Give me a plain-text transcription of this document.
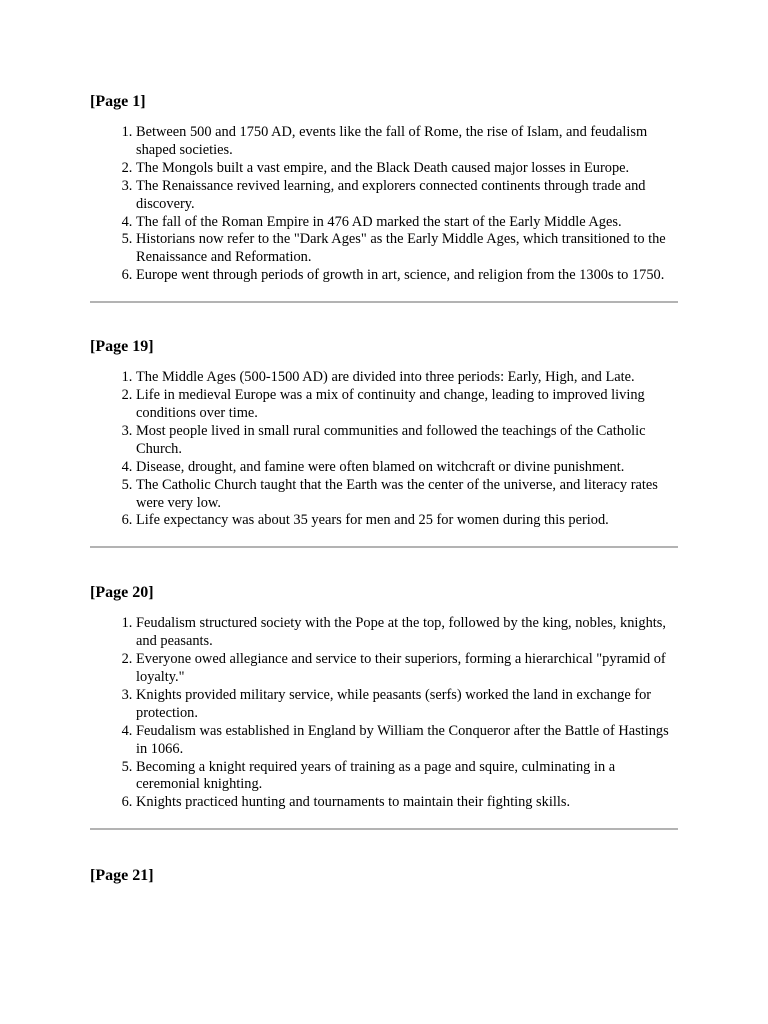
[Page 1]
1. Between 500 and 1750 AD, events like the fall of Rome, the rise of Islam, and feudalism shaped societies.
2. The Mongols built a vast empire, and the Black Death caused major losses in Europe.
3. The Renaissance revived learning, and explorers connected continents through trade and discovery.
4. The fall of the Roman Empire in 476 AD marked the start of the Early Middle Ages.
5. Historians now refer to the "Dark Ages" as the Early Middle Ages, which transitioned to the Renaissance and Reformation.
6. Europe went through periods of growth in art, science, and religion from the 1300s to 1750.
[Page 19]
1. The Middle Ages (500-1500 AD) are divided into three periods: Early, High, and Late.
2. Life in medieval Europe was a mix of continuity and change, leading to improved living conditions over time.
3. Most people lived in small rural communities and followed the teachings of the Catholic Church.
4. Disease, drought, and famine were often blamed on witchcraft or divine punishment.
5. The Catholic Church taught that the Earth was the center of the universe, and literacy rates were very low.
6. Life expectancy was about 35 years for men and 25 for women during this period.
[Page 20]
1. Feudalism structured society with the Pope at the top, followed by the king, nobles, knights, and peasants.
2. Everyone owed allegiance and service to their superiors, forming a hierarchical "pyramid of loyalty."
3. Knights provided military service, while peasants (serfs) worked the land in exchange for protection.
4. Feudalism was established in England by William the Conqueror after the Battle of Hastings in 1066.
5. Becoming a knight required years of training as a page and squire, culminating in a ceremonial knighting.
6. Knights practiced hunting and tournaments to maintain their fighting skills.
[Page 21]
